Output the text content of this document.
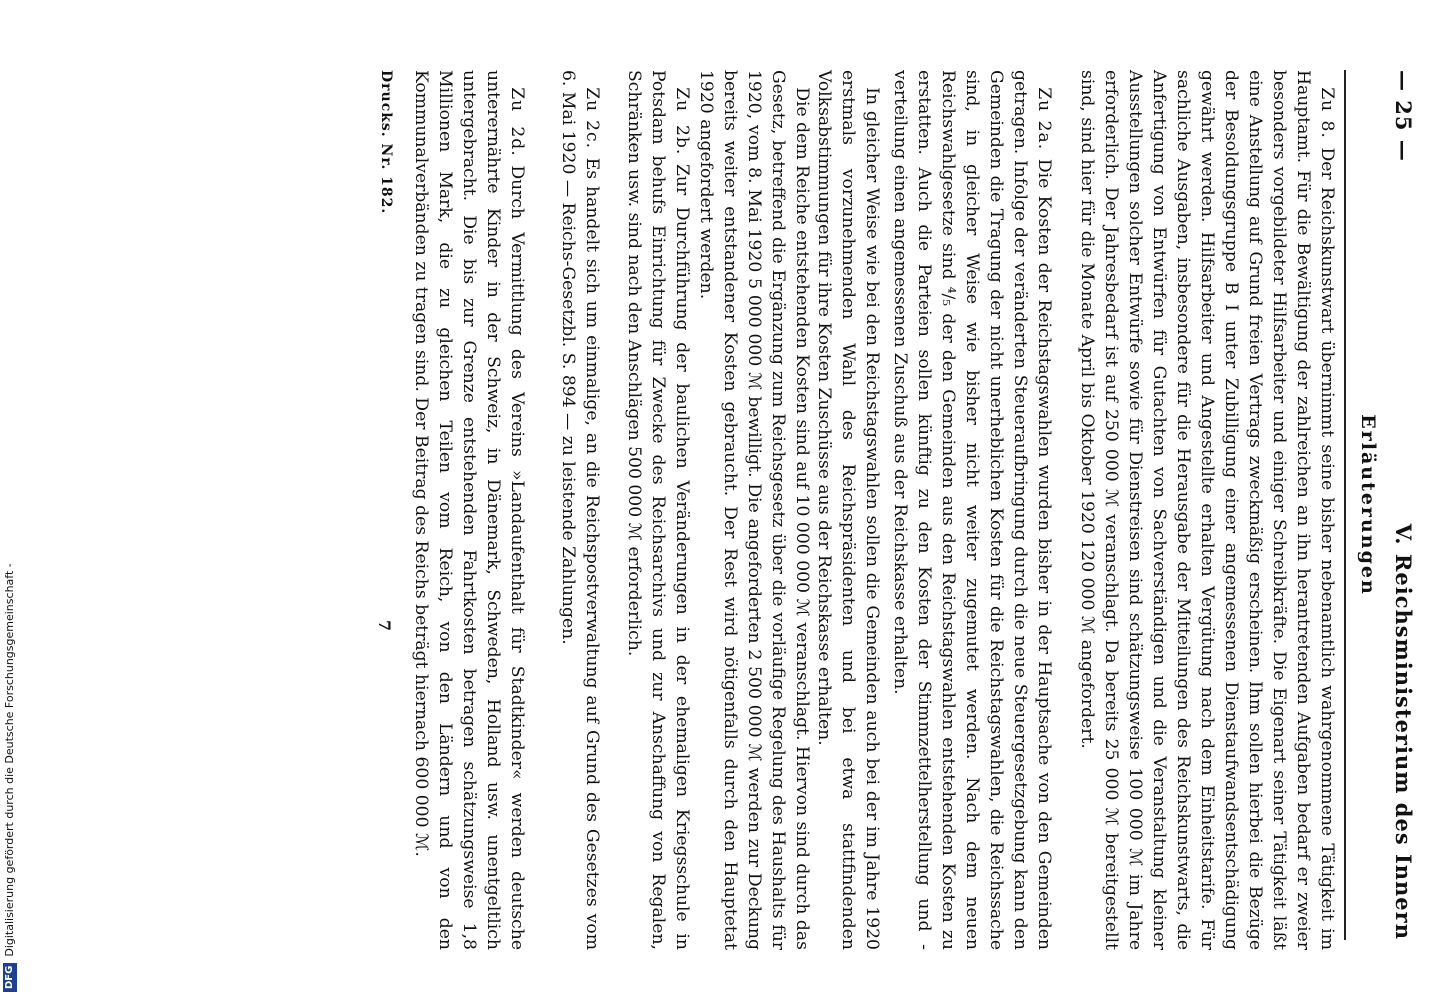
— 25 —
V. Reichsministerium des Innern
Erläuterungen
 Zu 8. Der Reichskunstwart übernimmt seine bisher nebenamtlich wahrgenommene Tätigkeit im Hauptamt. Für die Bewältigung der zahlreichen an ihn herantretenden Aufgaben bedarf er zweier besonders vorgebildeter Hilfsarbeiter und einiger Schreibkräfte. Die Eigenart seiner Tätigkeit läßt eine Anstellung auf Grund freien Vertrags zweckmäßig erscheinen. Ihm sollen hierbei die Bezüge der Besoldungsgruppe B I unter Zubilligung einer angemessenen Dienstaufwandsentschädigung gewährt werden. Hilfsarbeiter und Angestellte erhalten Vergütung nach dem Einheitstarife. Für sachliche Ausgaben, insbesondere für die Herausgabe der Mitteilungen des Reichskunstwarts, die Anfertigung von Entwürfen für Gutachten von Sachverständigen und die Veranstaltung kleiner Ausstellungen solcher Entwürfe sowie für Dienstreisen sind schätzungsweise 100 000 ℳ im Jahre erforderlich. Der Jahresbedarf ist auf 250 000 ℳ veranschlagt. Da bereits 25 000 ℳ bereitgestellt sind, sind hier für die Monate April bis Oktober 1920 120 000 ℳ angefordert.
 Zu 2a. Die Kosten der Reichstagswahlen wurden bisher in der Hauptsache von den Gemeinden getragen. Infolge der veränderten Steueraufbringung durch die neue Steuergesetzgebung kann den Gemeinden die Tragung der nicht unerheblichen Kosten für die Reichstagswahlen, die Reichssache sind, in gleicher Weise wie bisher nicht weiter zugemutet werden. Nach dem neuen Reichswahlgesetze sind ⁴/₅ der den Gemeinden aus den Reichstagswahlen entstehenden Kosten zu erstatten. Auch die Parteien sollen künftig zu den Kosten der Stimmzettelherstellung und -verteilung einen angemessenen Zuschuß aus der Reichskasse erhalten.
 In gleicher Weise wie bei den Reichstagswahlen sollen die Gemeinden auch bei der im Jahre 1920 erstmals vorzunehmenden Wahl des Reichspräsidenten und bei etwa stattfindenden Volksabstimmungen für ihre Kosten Zuschüsse aus der Reichskasse erhalten.
 Die dem Reiche entstehenden Kosten sind auf 10 000 000 ℳ veranschlagt. Hiervon sind durch das Gesetz, betreffend die Ergänzung zum Reichsgesetz über die vorläufige Regelung des Haushalts für 1920, vom 8. Mai 1920 5 000 000 ℳ bewilligt. Die angeforderten 2 500 000 ℳ werden zur Deckung bereits weiter entstandener Kosten gebraucht. Der Rest wird nötigenfalls durch den Hauptetat 1920 angefordert werden.
 Zu 2b. Zur Durchführung der baulichen Veränderungen in der ehemaligen Kriegsschule in Potsdam behufs Einrichtung für Zwecke des Reichsarchivs und zur Anschaffung von Regalen, Schränken usw. sind nach den Anschlägen 500 000 ℳ erforderlich.
 Zu 2c. Es handelt sich um einmalige, an die Reichspostverwaltung auf Grund des Gesetzes vom 6. Mai 1920 — Reichs-Gesetzbl. S. 894 — zu leistende Zahlungen.
 Zu 2d. Durch Vermittlung des Vereins »Landaufenthalt für Stadtkinder« werden deutsche unterernährte Kinder in der Schweiz, in Dänemark, Schweden, Holland usw. unentgeltlich untergebracht. Die bis zur Grenze entstehenden Fahrtkosten betragen schätzungsweise 1,8 Millionen Mark, die zu gleichen Teilen vom Reich, von den Ländern und von den Kommunalverbänden zu tragen sind. Der Beitrag des Reichs beträgt hiernach 600 000 ℳ.
Drucks. Nr. 182.
7
DFGDigitalisierung gefördert durch die Deutsche Forschungsgemeinschaft -
